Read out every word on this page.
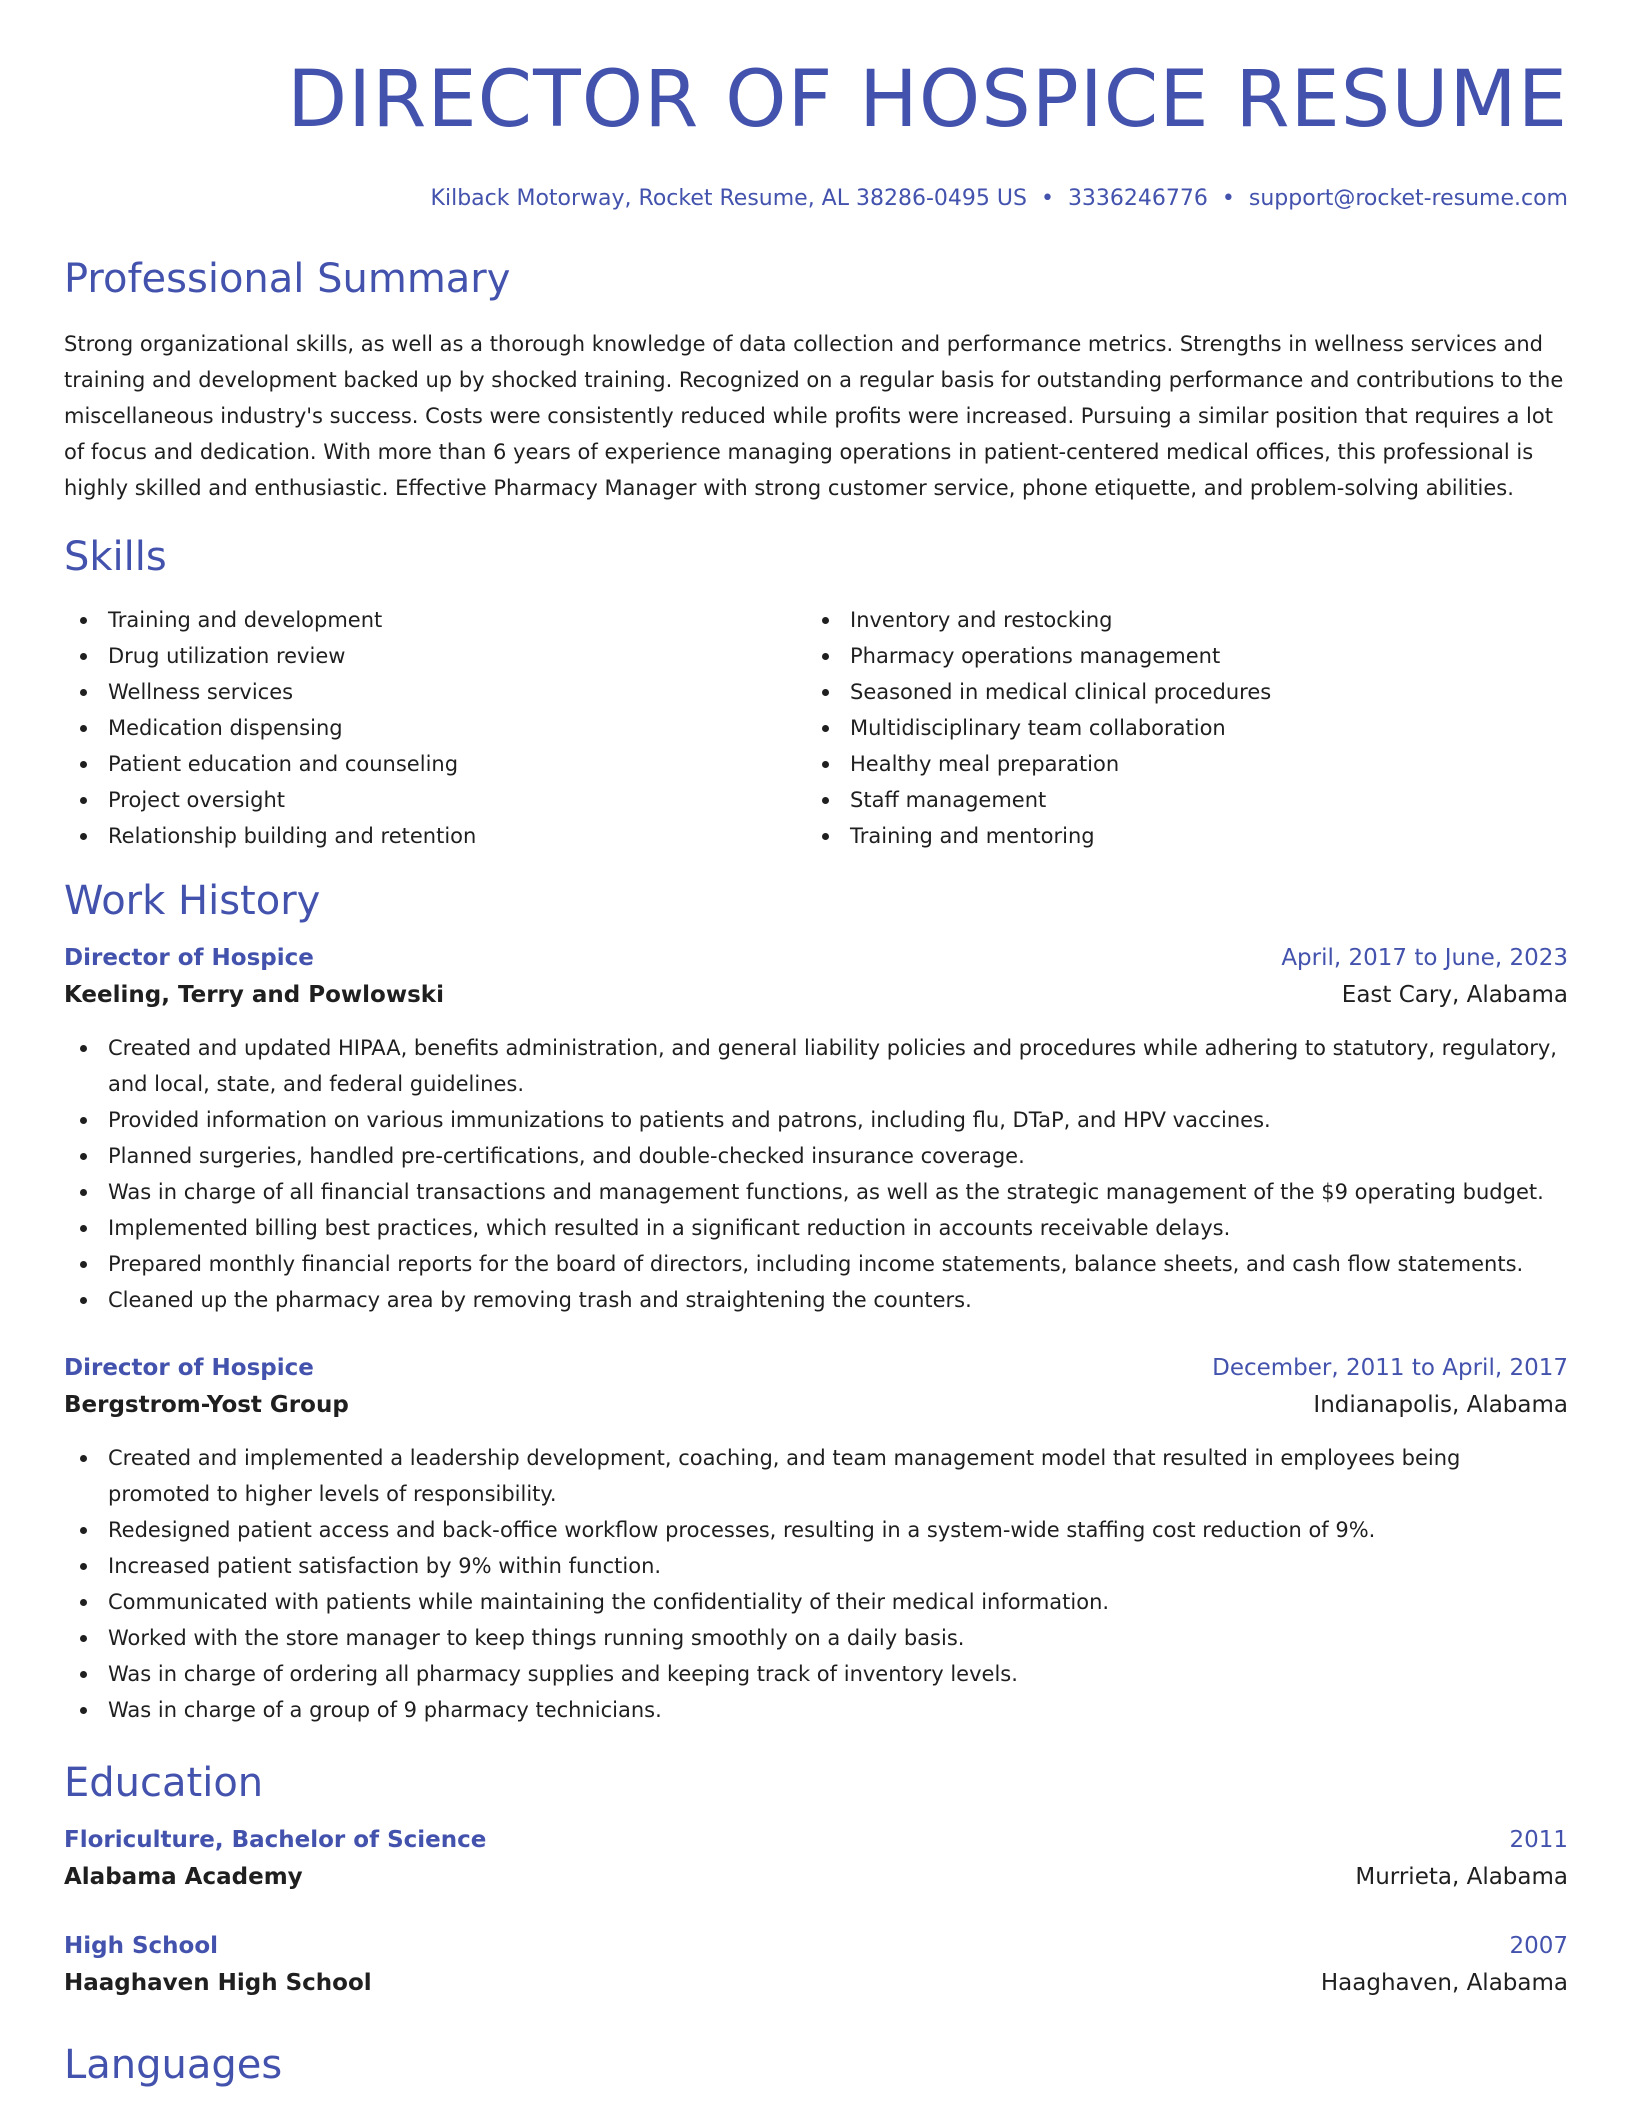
DIRECTOR OF HOSPICE RESUME
Kilback Motorway, Rocket Resume, AL 38286-0495 US • 3336246776 • support@rocket-resume.com
Professional Summary

Strong organizational skills, as well as a thorough knowledge of data collection and performance metrics. Strengths in wellness services and training and development backed up by shocked training. Recognized on a regular basis for outstanding performance and contributions to the miscellaneous industry's success. Costs were consistently reduced while profits were increased. Pursuing a similar position that requires a lot of focus and dedication. With more than 6 years of experience managing operations in patient-centered medical offices, this professional is highly skilled and enthusiastic. Effective Pharmacy Manager with strong customer service, phone etiquette, and problem-solving abilities.

Skills
Training and development
Drug utilization review
Wellness services
Medication dispensing
Patient education and counseling
Project oversight
Relationship building and retention
Inventory and restocking
Pharmacy operations management
Seasoned in medical clinical procedures
Multidisciplinary team collaboration
Healthy meal preparation
Staff management
Training and mentoring
Work History
Director of Hospice	April, 2017 to June, 2023
Keeling, Terry and Powlowski	East Cary, Alabama
Created and updated HIPAA, benefits administration, and general liability policies and procedures while adhering to statutory, regulatory, and local, state, and federal guidelines.
Provided information on various immunizations to patients and patrons, including flu, DTaP, and HPV vaccines.
Planned surgeries, handled pre-certifications, and double-checked insurance coverage.
Was in charge of all financial transactions and management functions, as well as the strategic management of the $9 operating budget.
Implemented billing best practices, which resulted in a significant reduction in accounts receivable delays.
Prepared monthly financial reports for the board of directors, including income statements, balance sheets, and cash flow statements.
Cleaned up the pharmacy area by removing trash and straightening the counters.
Director of Hospice	December, 2011 to April, 2017
Bergstrom-Yost Group	Indianapolis, Alabama
Created and implemented a leadership development, coaching, and team management model that resulted in employees being promoted to higher levels of responsibility.
Redesigned patient access and back-office workflow processes, resulting in a system-wide staffing cost reduction of 9%.
Increased patient satisfaction by 9% within function.
Communicated with patients while maintaining the confidentiality of their medical information.
Worked with the store manager to keep things running smoothly on a daily basis.
Was in charge of ordering all pharmacy supplies and keeping track of inventory levels.
Was in charge of a group of 9 pharmacy technicians.
Education
Floriculture, Bachelor of Science	2011
Alabama Academy	Murrieta, Alabama
High School	2007
Haaghaven High School	Haaghaven, Alabama
Languages
